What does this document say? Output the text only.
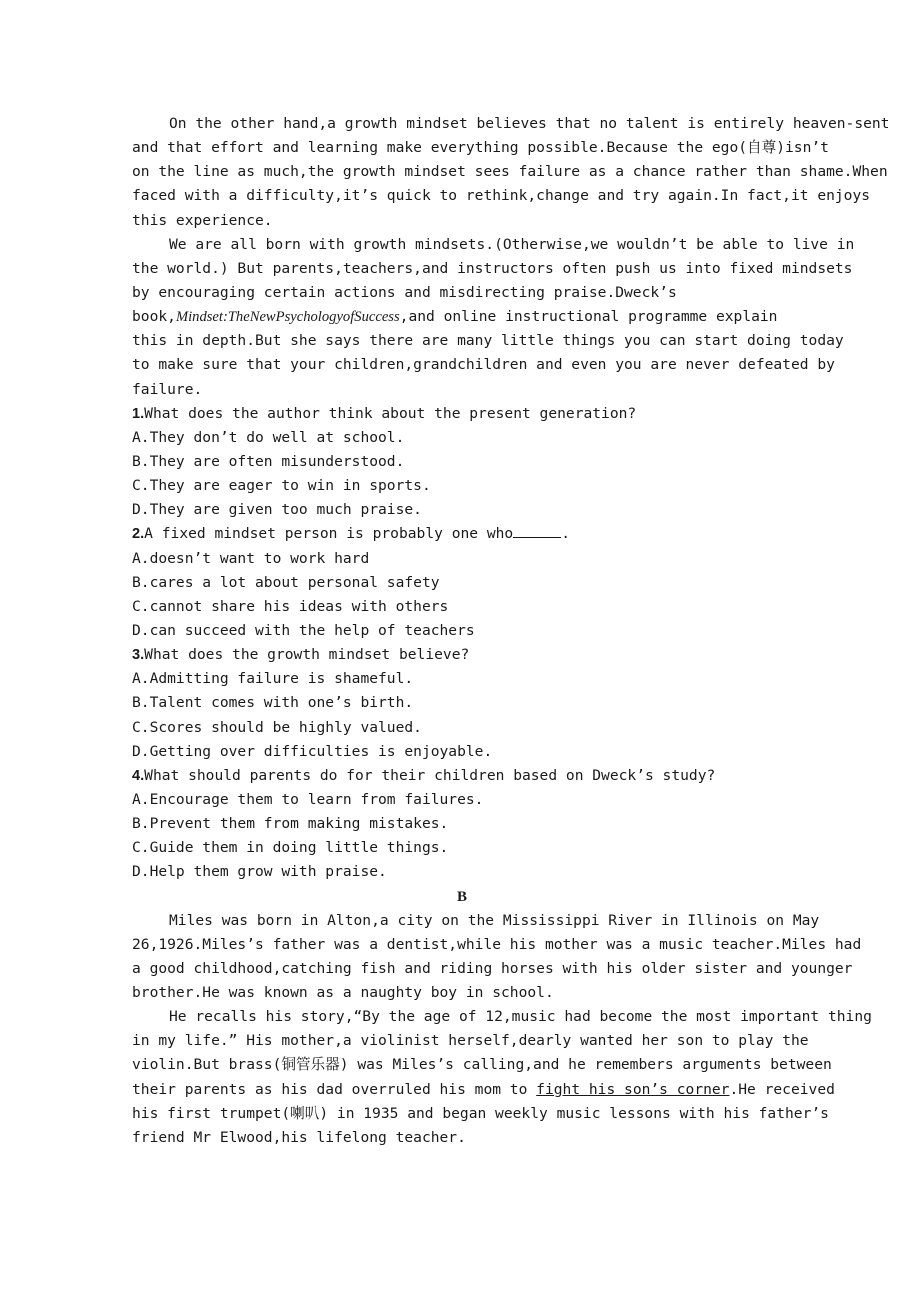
On the other hand,a growth mindset believes that no talent is entirely heaven-sent
and that effort and learning make everything possible.Because the ego(自尊)isn’t
on the line as much,the growth mindset sees failure as a chance rather than shame.When
faced with a difficulty,it’s quick to rethink,change and try again.In fact,it enjoys
this experience.
We are all born with growth mindsets.(Otherwise,we wouldn’t be able to live in
the world.) But parents,teachers,and instructors often push us into fixed mindsets
by encouraging certain actions and misdirecting praise.Dweck’s
book,Mindset:TheNewPsychologyofSuccess,and online instructional programme explain
this in depth.But she says there are many little things you can start doing today
to make sure that your children,grandchildren and even you are never defeated by
failure.
1.What does the author think about the present generation?
A.They don’t do well at school.
B.They are often misunderstood.
C.They are eager to win in sports.
D.They are given too much praise.
2.A fixed mindset person is probably one who	.
A.doesn’t want to work hard
B.cares a lot about personal safety
C.cannot share his ideas with others
D.can succeed with the help of teachers
3.What does the growth mindset believe?
A.Admitting failure is shameful.
B.Talent comes with one’s birth.
C.Scores should be highly valued.
D.Getting over difficulties is enjoyable.
4.What should parents do for their children based on Dweck’s study?
A.Encourage them to learn from failures.
B.Prevent them from making mistakes.
C.Guide them in doing little things.
D.Help them grow with praise.
B
Miles was born in Alton,a city on the Mississippi River in Illinois on May
26,1926.Miles’s father was a dentist,while his mother was a music teacher.Miles had
a good childhood,catching fish and riding horses with his older sister and younger
brother.He was known as a naughty boy in school.
He recalls his story,“By the age of 12,music had become the most important thing
in my life.” His mother,a violinist herself,dearly wanted her son to play the
violin.But brass(铜管乐器) was Miles’s calling,and he remembers arguments between
their parents as his dad overruled his mom to fight his son’s corner.He received
his first trumpet(喇叭) in 1935 and began weekly music lessons with his father’s
friend Mr Elwood,his lifelong teacher.
